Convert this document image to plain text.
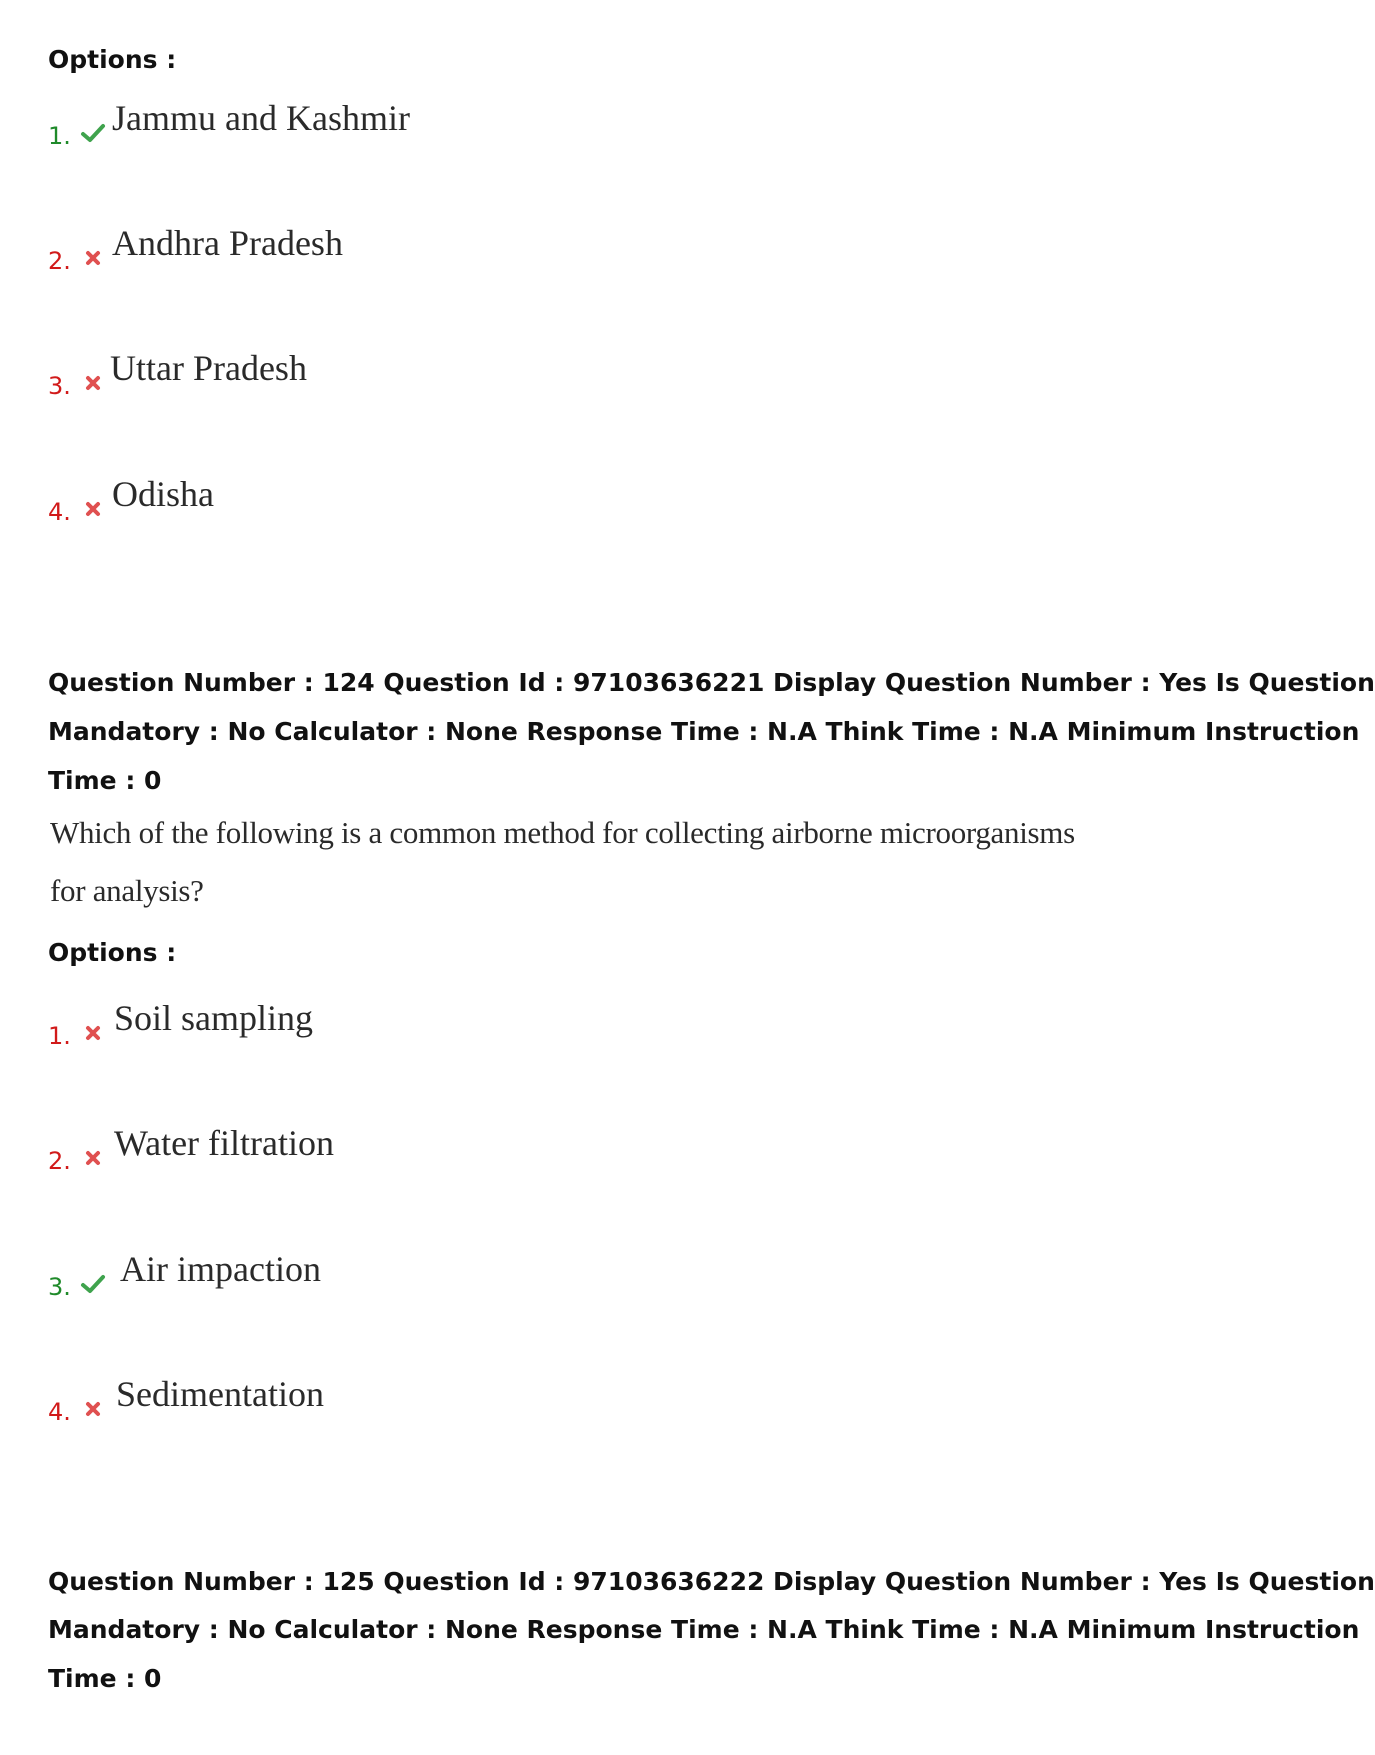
Options :
1. Jammu and Kashmir
2. Andhra Pradesh
3. Uttar Pradesh
4. Odisha
Question Number : 124 Question Id : 97103636221 Display Question Number : Yes Is Question
Mandatory : No Calculator : None Response Time : N.A Think Time : N.A Minimum Instruction
Time : 0
Which of the following is a common method for collecting airborne microorganisms
for analysis?
Options :
1. Soil sampling
2. Water filtration
3. Air impaction
4. Sedimentation
Question Number : 125 Question Id : 97103636222 Display Question Number : Yes Is Question
Mandatory : No Calculator : None Response Time : N.A Think Time : N.A Minimum Instruction
Time : 0
